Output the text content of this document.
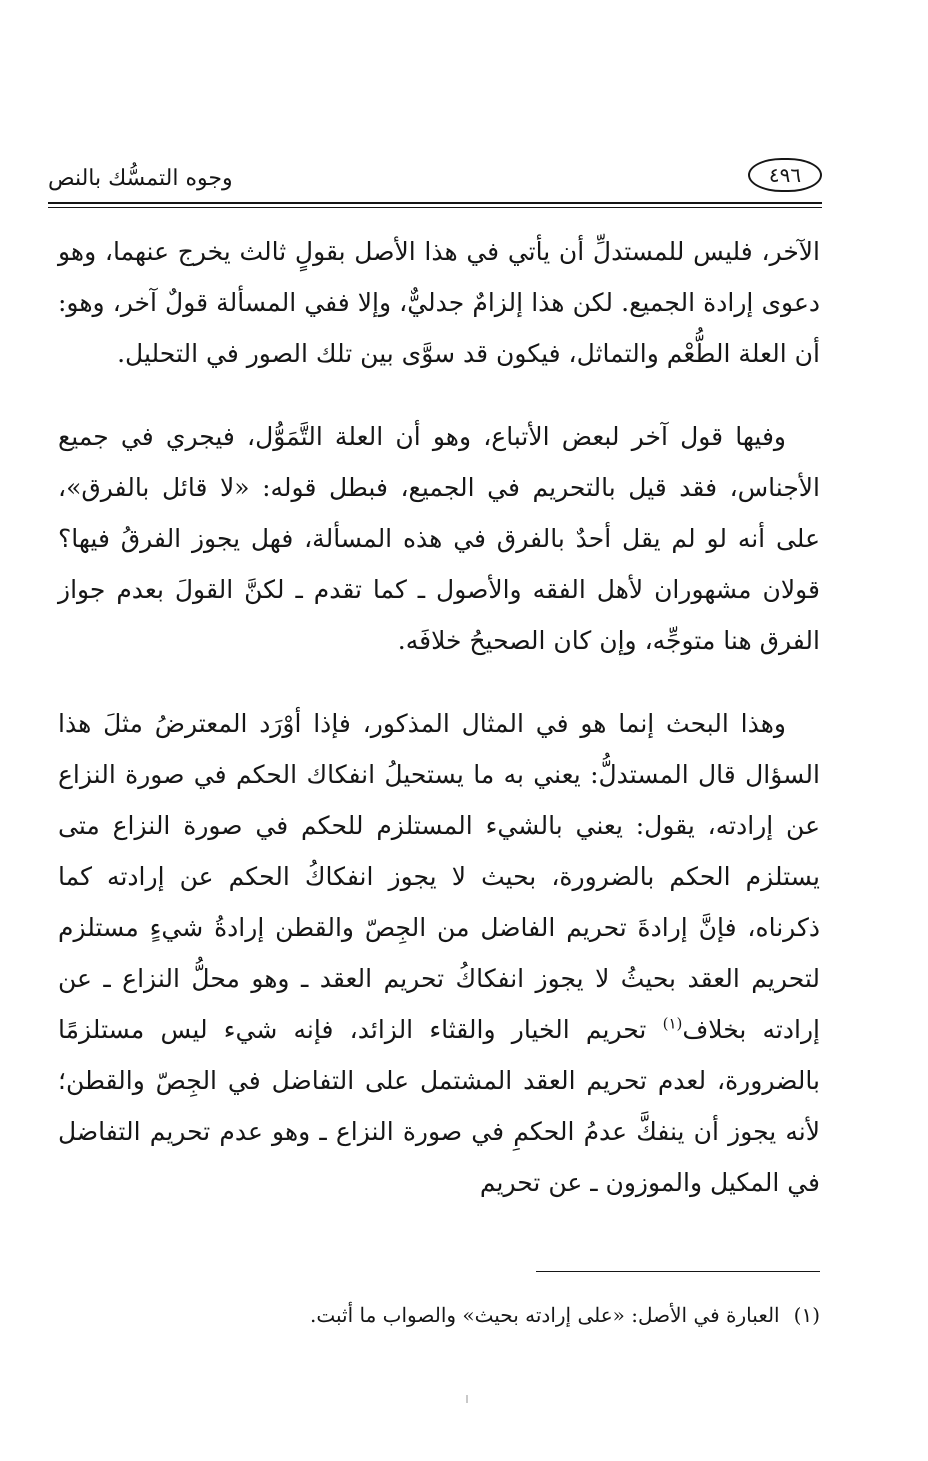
٤٩٦
وجوه التمسُّك بالنص

الآخر، فليس للمستدلِّ أن يأتي في هذا الأصل بقولٍ ثالث يخرج عنهما، وهو دعوى إرادة الجميع. لكن هذا إلزامٌ جدليٌّ، وإلا ففي المسألة قولٌ آخر، وهو: أن العلة الطُّعْم والتماثل، فيكون قد سوَّى بين تلك الصور في التحليل.

وفيها قول آخر لبعض الأتباع، وهو أن العلة التَّمَوُّل، فيجري في جميع الأجناس، فقد قيل بالتحريم في الجميع، فبطل قوله: «لا قائل بالفرق»، على أنه لو لم يقل أحدٌ بالفرق في هذه المسألة، فهل يجوز الفرقُ فيها؟ قولان مشهوران لأهل الفقه والأصول ـ كما تقدم ـ لكنَّ القولَ بعدم جواز الفرق هنا متوجِّه، وإن كان الصحيحُ خلافَه.

وهذا البحث إنما هو في المثال المذكور، فإذا أوْرَد المعترضُ مثلَ هذا السؤال قال المستدلُّ: يعني به ما يستحيلُ انفكاك الحكم في صورة النزاع عن إرادته، يقول: يعني بالشيء المستلزم للحكم في صورة النزاع متى يستلزم الحكم بالضرورة، بحيث لا يجوز انفكاكُ الحكم عن إرادته كما ذكرناه، فإنَّ إرادةَ تحريم الفاضل من الجِصّ والقطن إرادةُ شيءٍ مستلزم لتحريم العقد بحيثُ لا يجوز انفكاكُ تحريم العقد ـ وهو محلُّ النزاع ـ عن إرادته بخلاف$^{(١)}$ تحريم الخيار والقثاء الزائد، فإنه شيء ليس مستلزمًا بالضرورة، لعدم تحريم العقد المشتمل على التفاضل في الجِصّ والقطن؛ لأنه يجوز أن ينفكَّ عدمُ الحكمِ في صورة النزاع ـ وهو عدم تحريم التفاضل في المكيل والموزون ـ عن تحريم

(١)العبارة في الأصل: «على إرادته بحيث» والصواب ما أثبت.
